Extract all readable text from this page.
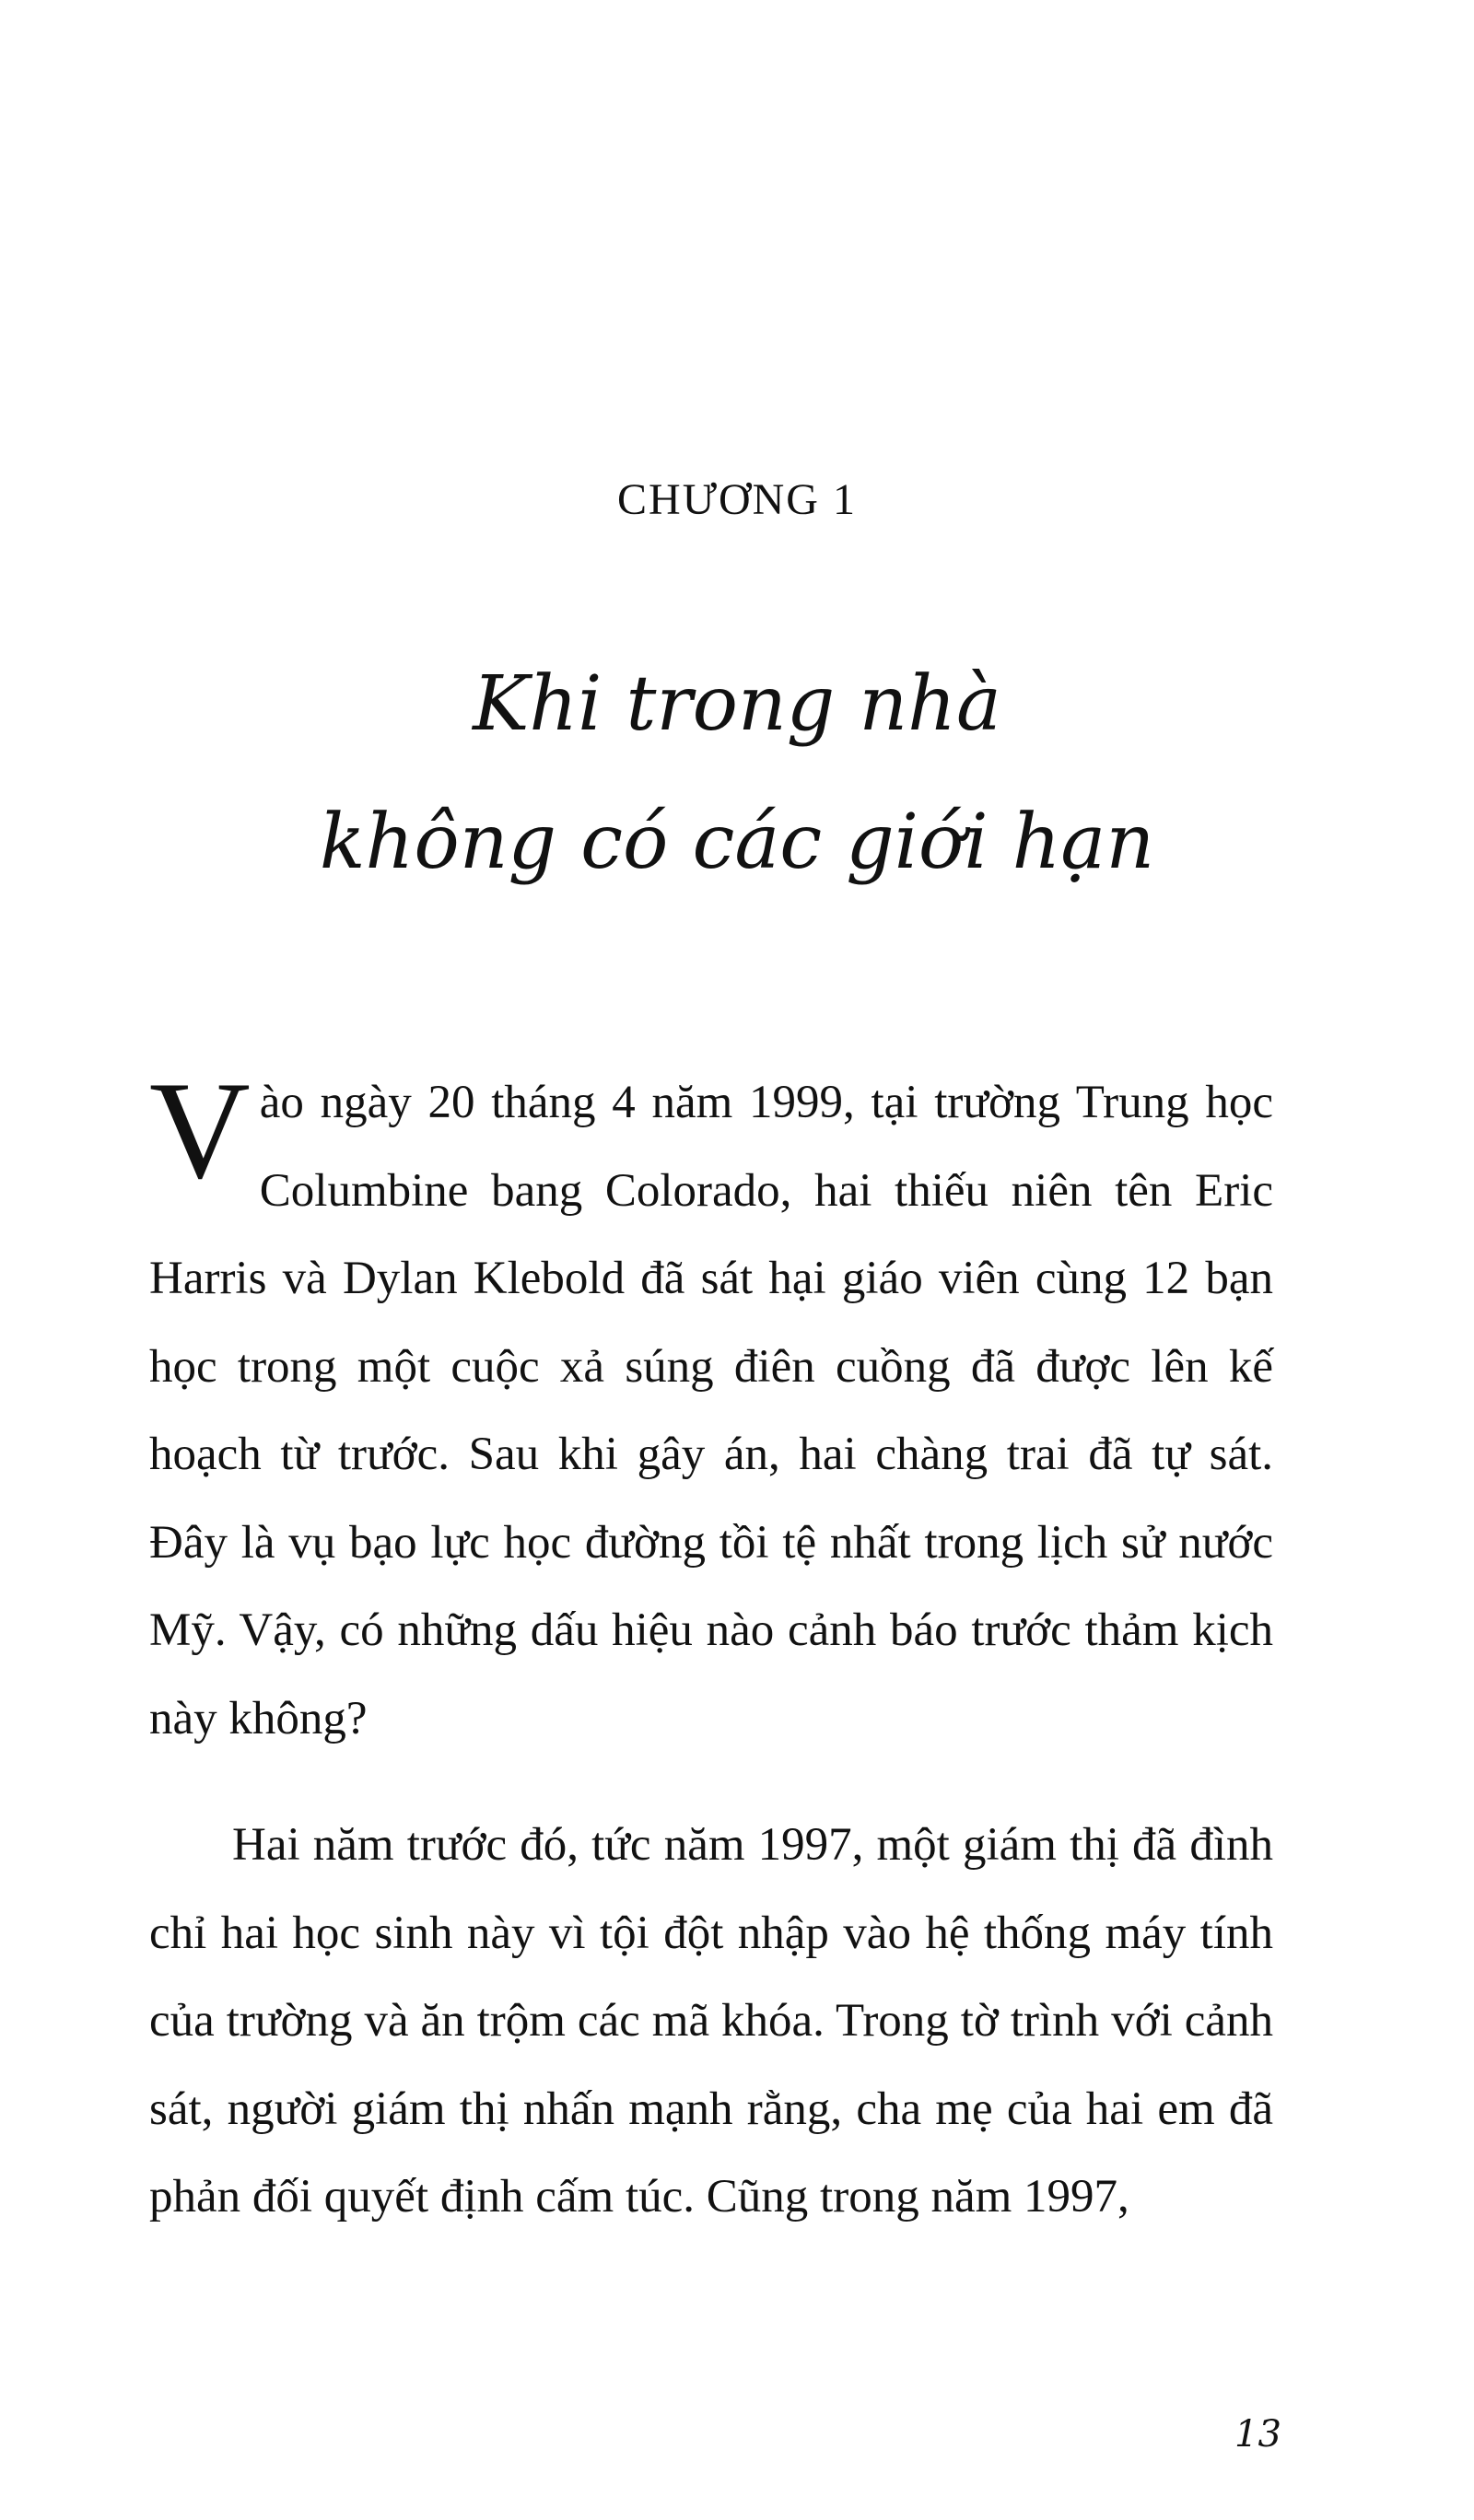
CHƯƠNG 1
Khi trong nhà
không có các giới hạn

Vào ngày 20 tháng 4 năm 1999, tại trường Trung học Columbine bang Colorado, hai thiếu niên tên Eric Harris và Dylan Klebold đã sát hại giáo viên cùng 12 bạn học trong một cuộc xả súng điên cuồng đã được lên kế hoạch từ trước. Sau khi gây án, hai chàng trai đã tự sát. Đây là vụ bạo lực học đường tồi tệ nhất trong lịch sử nước Mỹ. Vậy, có những dấu hiệu nào cảnh báo trước thảm kịch này không?

Hai năm trước đó, tức năm 1997, một giám thị đã đình chỉ hai học sinh này vì tội đột nhập vào hệ thống máy tính của trường và ăn trộm các mã khóa. Trong tờ trình với cảnh sát, người giám thị nhấn mạnh rằng, cha mẹ của hai em đã phản đối quyết định cấm túc. Cũng trong năm 1997,

13
